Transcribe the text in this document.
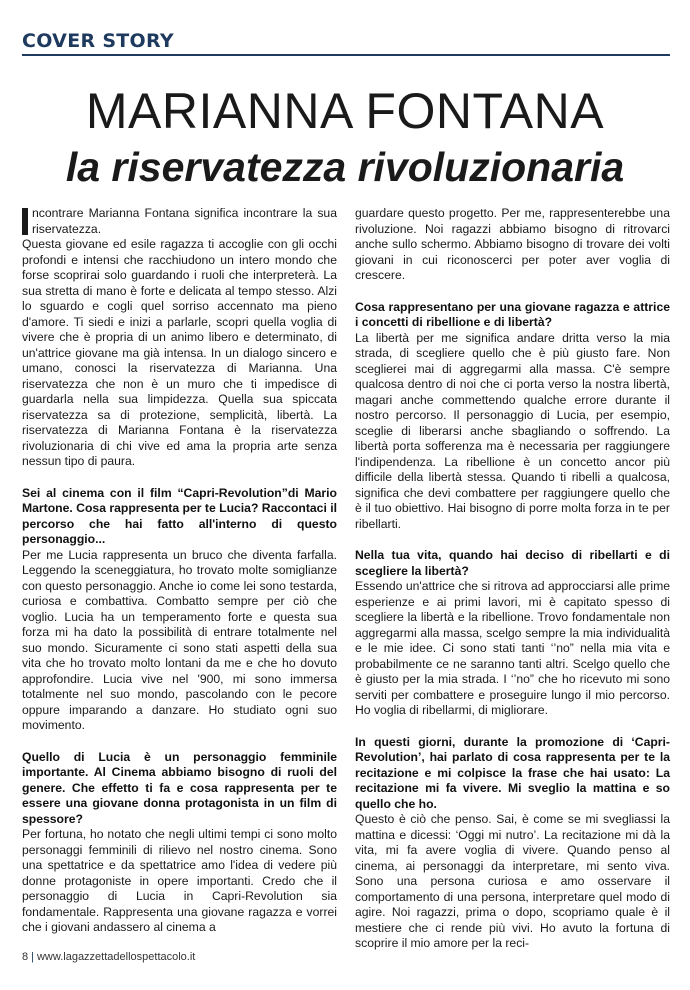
COVER STORY
MARIANNA FONTANA
la riservatezza rivoluzionaria

ncontrare Marianna Fontana significa incontrare la sua riservatezza.

Questa giovane ed esile ragazza ti accoglie con gli occhi profondi e intensi che racchiudono un intero mondo che forse scoprirai solo guardando i ruoli che interpreterà. La sua stretta di mano è forte e delicata al tempo stesso. Alzi lo sguardo e cogli quel sorriso accennato ma pieno d'amore. Ti siedi e inizi a parlarle, scopri quella voglia di vivere che è propria di un animo libero e determinato, di un'attrice giovane ma già intensa. In un dialogo sincero e umano, conosci la riservatezza di Marianna. Una riservatezza che non è un muro che ti impedisce di guardarla nella sua limpidezza. Quella sua spiccata riservatezza sa di protezione, semplicità, libertà. La riservatezza di Marianna Fontana è la riservatezza rivoluzionaria di chi vive ed ama la propria arte senza nessun tipo di paura.

Sei al cinema con il film “Capri-Revolution”di Mario Martone. Cosa rappresenta per te Lucia? Raccontaci il percorso che hai fatto all'interno di questo personaggio...

Per me Lucia rappresenta un bruco che diventa farfalla. Leggendo la sceneggiatura, ho trovato molte somiglianze con questo personaggio. Anche io come lei sono testarda, curiosa e combattiva. Combatto sempre per ciò che voglio. Lucia ha un temperamento forte e questa sua forza mi ha dato la possibilità di entrare totalmente nel suo mondo. Sicuramente ci sono stati aspetti della sua vita che ho trovato molto lontani da me e che ho dovuto approfondire. Lucia vive nel '900, mi sono immersa totalmente nel suo mondo, pascolando con le pecore oppure imparando a danzare. Ho studiato ogni suo movimento.

Quello di Lucia è un personaggio femminile importante. Al Cinema abbiamo bisogno di ruoli del genere. Che effetto ti fa e cosa rappresenta per te essere una giovane donna protagonista in un film di spessore?

Per fortuna, ho notato che negli ultimi tempi ci sono molto personaggi femminili di rilievo nel nostro cinema. Sono una spettatrice e da spettatrice amo l'idea di vedere più donne protagoniste in opere importanti. Credo che il personaggio di Lucia in Capri-Revolution sia fondamentale. Rappresenta una giovane ragazza e vorrei che i giovani andassero al cinema a

guardare questo progetto. Per me, rappresenterebbe una rivoluzione. Noi ragazzi abbiamo bisogno di ritrovarci anche sullo schermo. Abbiamo bisogno di trovare dei volti giovani in cui riconoscerci per poter aver voglia di crescere.

Cosa rappresentano per una giovane ragazza e attrice i concetti di ribellione e di libertà?

La libertà per me significa andare dritta verso la mia strada, di scegliere quello che è più giusto fare. Non sceglierei mai di aggregarmi alla massa. C'è sempre qualcosa dentro di noi che ci porta verso la nostra libertà, magari anche commettendo qualche errore durante il nostro percorso. Il personaggio di Lucia, per esempio, sceglie di liberarsi anche sbagliando o soffrendo. La libertà porta sofferenza ma è necessaria per raggiungere l'indipendenza. La ribellione è un concetto ancor più difficile della libertà stessa. Quando ti ribelli a qualcosa, significa che devi combattere per raggiungere quello che è il tuo obiettivo. Hai bisogno di porre molta forza in te per ribellarti.

Nella tua vita, quando hai deciso di ribellarti e di scegliere la libertà?

Essendo un'attrice che si ritrova ad approcciarsi alle prime esperienze e ai primi lavori, mi è capitato spesso di scegliere la libertà e la ribellione. Trovo fondamentale non aggregarmi alla massa, scelgo sempre la mia individualità e le mie idee. Ci sono stati tanti ‘’no” nella mia vita e probabilmente ce ne saranno tanti altri. Scelgo quello che è giusto per la mia strada. I ‘’no” che ho ricevuto mi sono serviti per combattere e proseguire lungo il mio percorso. Ho voglia di ribellarmi, di migliorare.

In questi giorni, durante la promozione di ‘Capri- Revolution’, hai parlato di cosa rappresenta per te la recitazione e mi colpisce la frase che hai usato: La recitazione mi fa vivere. Mi sveglio la mattina e so quello che ho.

Questo è ciò che penso. Sai, è come se mi svegliassi la mattina e dicessi: ‘Oggi mi nutro’. La recitazione mi dà la vita, mi fa avere voglia di vivere. Quando penso al cinema, ai personaggi da interpretare, mi sento viva. Sono una persona curiosa e amo osservare il comportamento di una persona, interpretare quel modo di agire. Noi ragazzi, prima o dopo, scopriamo quale è il mestiere che ci rende più vivi. Ho avuto la fortuna di scoprire il mio amore per la reci-

8 | www.lagazzettadellospettacolo.it
